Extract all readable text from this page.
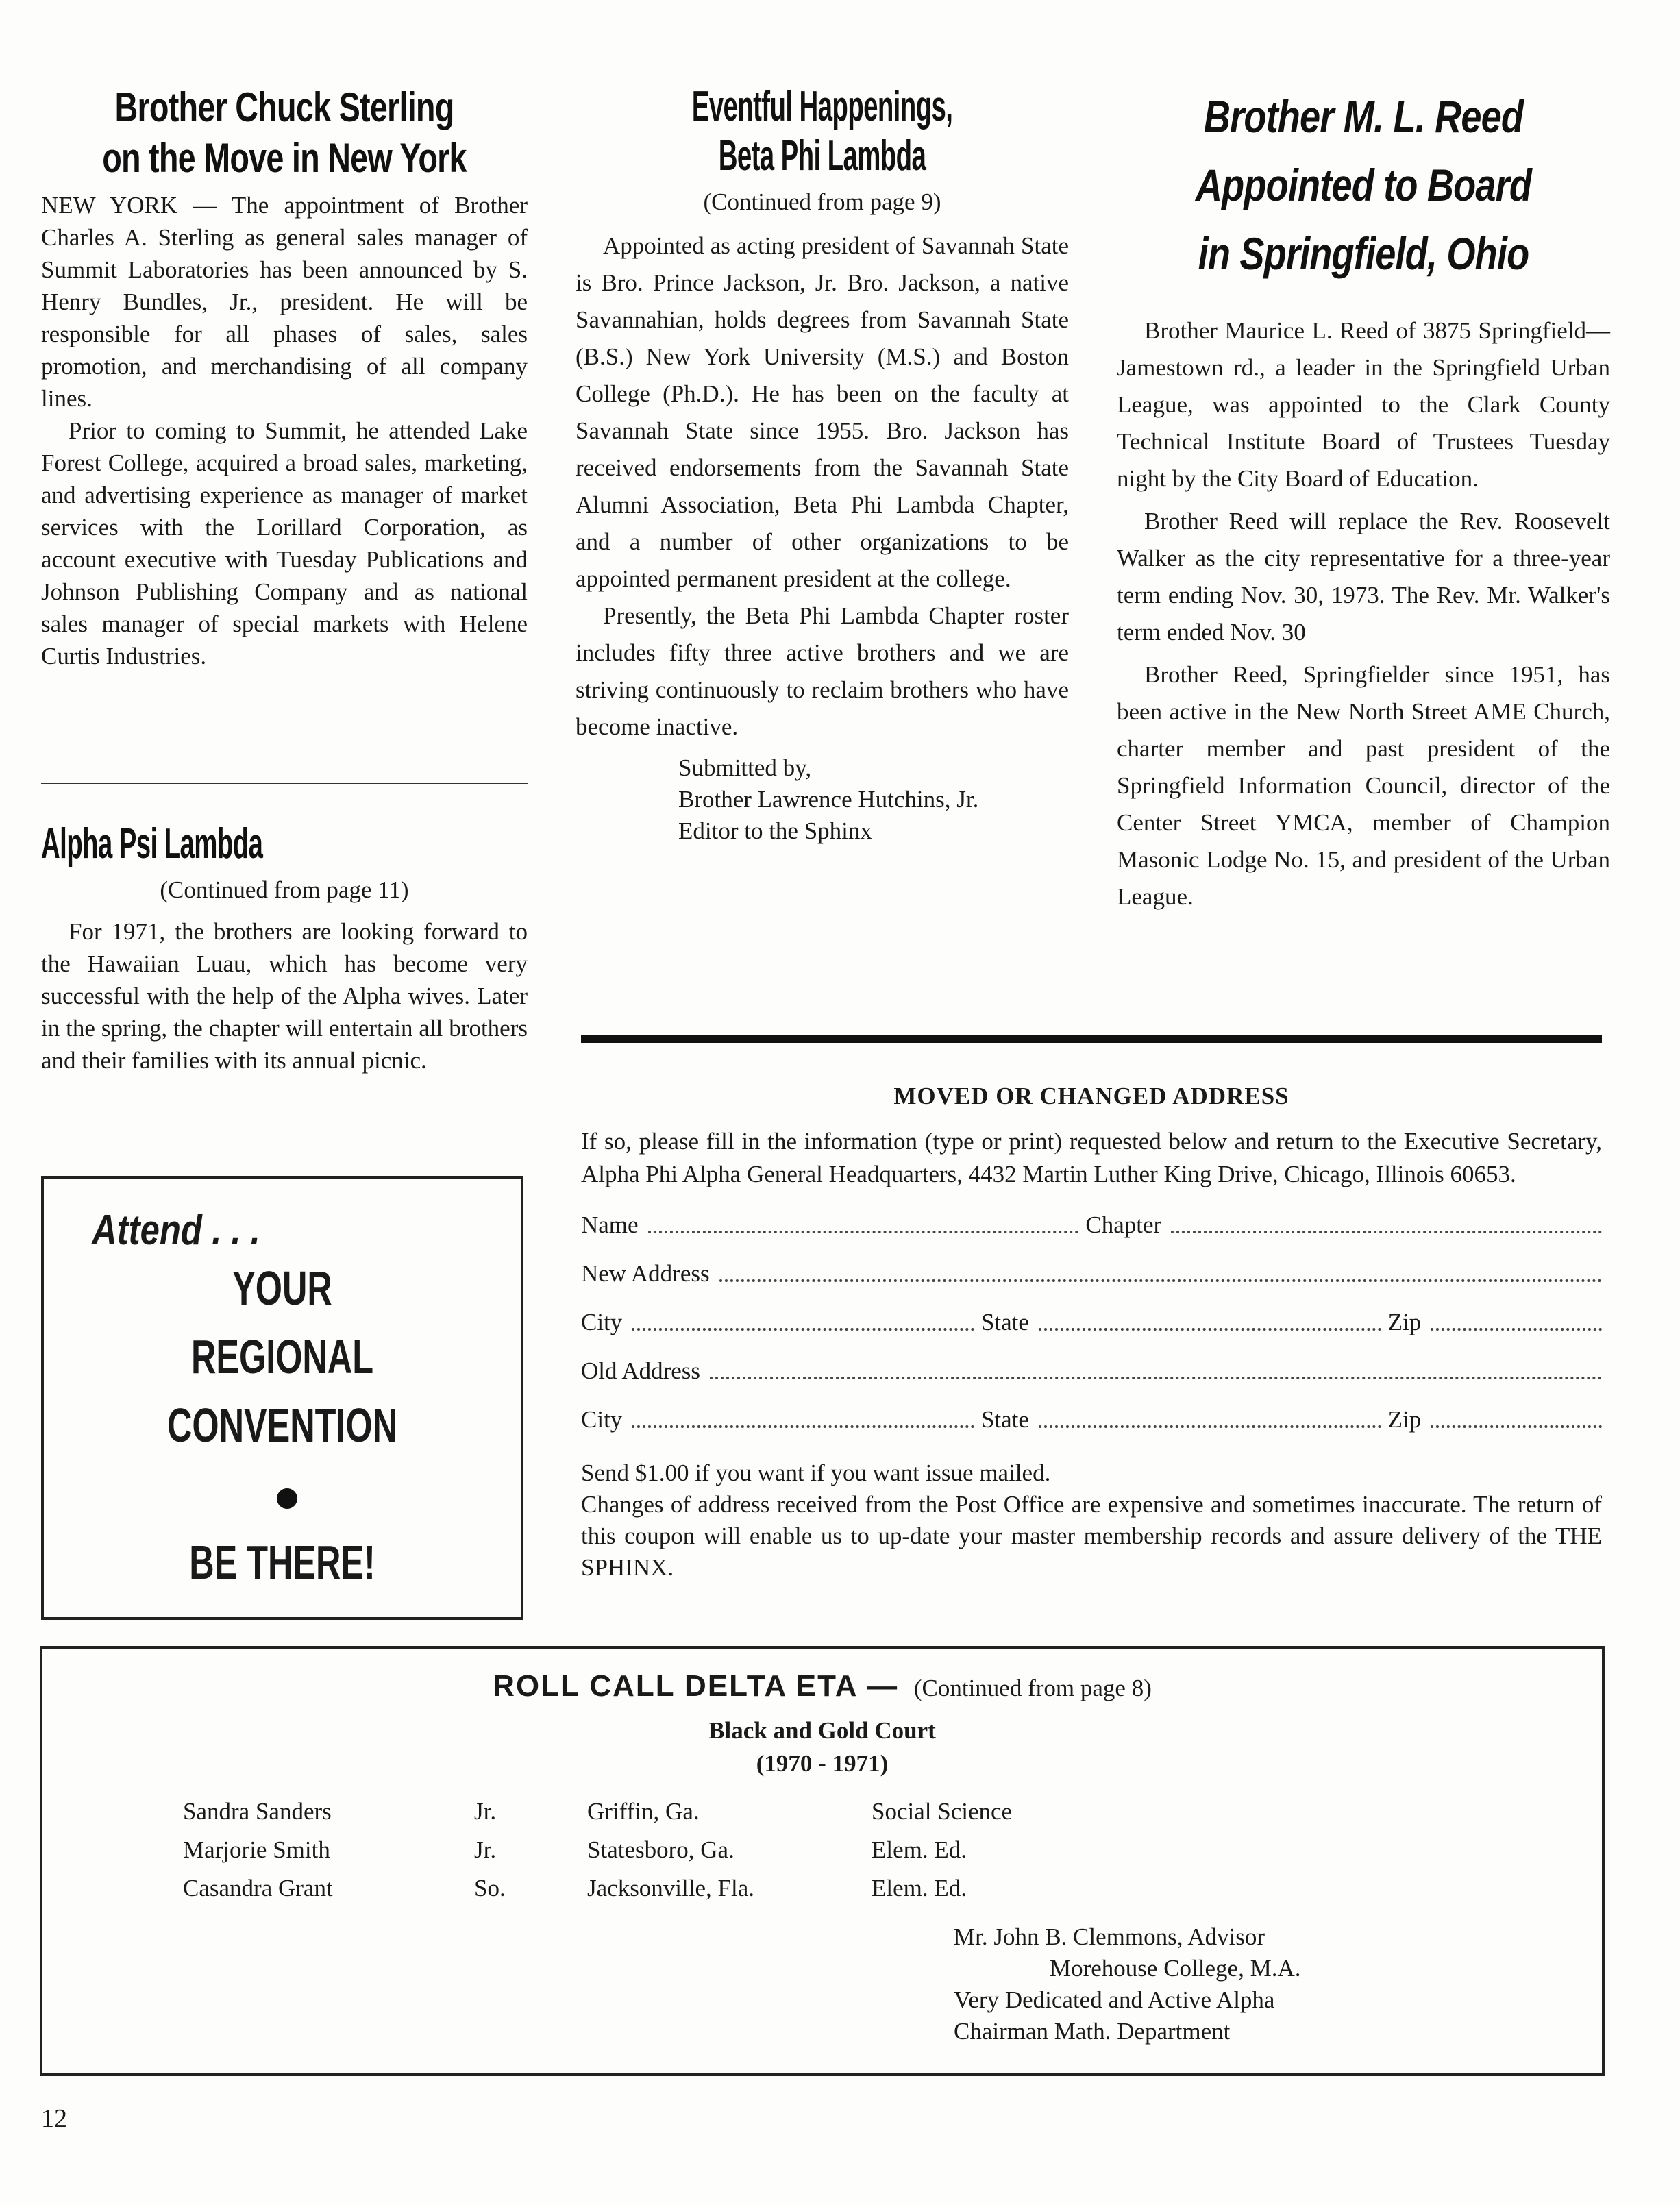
Brother Chuck Sterling
on the Move in New York

NEW YORK — The appointment of Brother Charles A. Sterling as general sales manager of Summit Laboratories has been announced by S. Henry Bundles, Jr., president. He will be responsible for all phases of sales, sales promotion, and merchandising of all company lines.

Prior to coming to Summit, he attended Lake Forest College, acquired a broad sales, marketing, and advertising experience as manager of market services with the Lorillard Corporation, as account executive with Tuesday Publications and Johnson Publishing Company and as national sales manager of special markets with Helene Curtis Industries.

Alpha Psi Lambda
(Continued from page 11)

For 1971, the brothers are looking forward to the Hawaiian Luau, which has become very successful with the help of the Alpha wives. Later in the spring, the chapter will entertain all brothers and their families with its annual picnic.

Attend . . .
YOUR
REGIONAL
CONVENTION
BE THERE!
Eventful Happenings,
Beta Phi Lambda
(Continued from page 9)

Appointed as acting president of Savannah State is Bro. Prince Jackson, Jr. Bro. Jackson, a native Savannahian, holds degrees from Savannah State (B.S.) New York University (M.S.) and Boston College (Ph.D.). He has been on the faculty at Savannah State since 1955. Bro. Jackson has received endorsements from the Savannah State Alumni Association, Beta Phi Lambda Chapter, and a number of other organizations to be appointed permanent president at the college.

Presently, the Beta Phi Lambda Chapter roster includes fifty three active brothers and we are striving continuously to reclaim brothers who have become inactive.

Submitted by,
Brother Lawrence Hutchins, Jr.
Editor to the Sphinx
Brother M. L. Reed
Appointed to Board
in Springfield, Ohio

Brother Maurice L. Reed of 3875 Springfield—Jamestown rd., a leader in the Springfield Urban League, was appointed to the Clark County Technical Institute Board of Trustees Tuesday night by the City Board of Education.

Brother Reed will replace the Rev. Roosevelt Walker as the city representative for a three-year term ending Nov. 30, 1973. The Rev. Mr. Walker's term ended Nov. 30

Brother Reed, Springfielder since 1951, has been active in the New North Street AME Church, charter member and past president of the Springfield Information Council, director of the Center Street YMCA, member of Champion Masonic Lodge No. 15, and president of the Urban League.

MOVED OR CHANGED ADDRESS
If so, please fill in the information (type or print) requested below and return to the Executive Secretary, Alpha Phi Alpha General Headquarters, 4432 Martin Luther King Drive, Chicago, Illinois 60653.
Name	Chapter
New Address
City	State	Zip
Old Address
City	State	Zip
Send $1.00 if you want if you want issue mailed.
Changes of address received from the Post Office are expensive and sometimes inaccurate. The return of this coupon will enable us to up-date your master membership records and assure delivery of the THE SPHINX.
ROLL CALL DELTA ETA — (Continued from page 8)
Black and Gold Court
(1970 - 1971)
Sandra Sanders	Jr.	Griffin, Ga.	Social Science
Marjorie Smith	Jr.	Statesboro, Ga.	Elem. Ed.
Casandra Grant	So.	Jacksonville, Fla.	Elem. Ed.
Mr. John B. Clemmons, Advisor
Morehouse College, M.A.
Very Dedicated and Active Alpha
Chairman Math. Department
12
